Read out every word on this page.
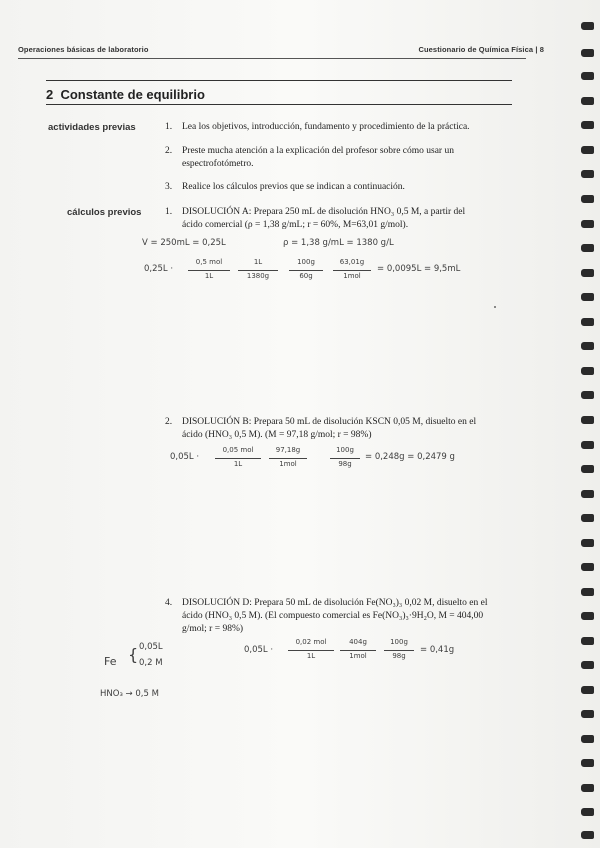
Operaciones básicas de laboratorio	Cuestionario de Química Física | 8
2 Constante de equilibrio
actividades previas	1. Lea los objetivos, introducción, fundamento y procedimiento de la práctica.
2. Preste mucha atención a la explicación del profesor sobre cómo usar un
espectrofotómetro.
3. Realice los cálculos previos que se indican a continuación.
cálculos previos 1. DISOLUCIÓN A: Prepara 250 mL de disolución HNO₃ 0,5 M, a partir del
ácido comercial (ρ = 1,38 g/mL; r = 60%, M=63,01 g/mol).
V = 250mL = 0,25L	ρ = 1,38 g/mL = 1380 g/L
0,25L ·
0,5 mol
1L
1L
1380g
100g
60g
63,01g
1mol
= 0,0095L = 9,5mL
2. DISOLUCIÓN B: Prepara 50 mL de disolución KSCN 0,05 M, disuelto en el
ácido (HNO₃ 0,5 M). (M = 97,18 g/mol; r = 98%)
0,05L ·
0,05 mol
1L
97,18g
1mol
100g
98g
= 0,248g = 0,2479 g
4. DISOLUCIÓN D: Prepara 50 mL de disolución Fe(NO₃)₃ 0,02 M, disuelto en el
ácido (HNO₃ 0,5 M). (El compuesto comercial es Fe(NO₃)₃·9H₂O, M = 404,00
g/mol; r = 98%)
Fe { 0,05L
0,2 M
HNO₃ → 0,5 M
0,05L ·
0,02 mol
1L
404g
1mol
100g
98g
= 0,41g
